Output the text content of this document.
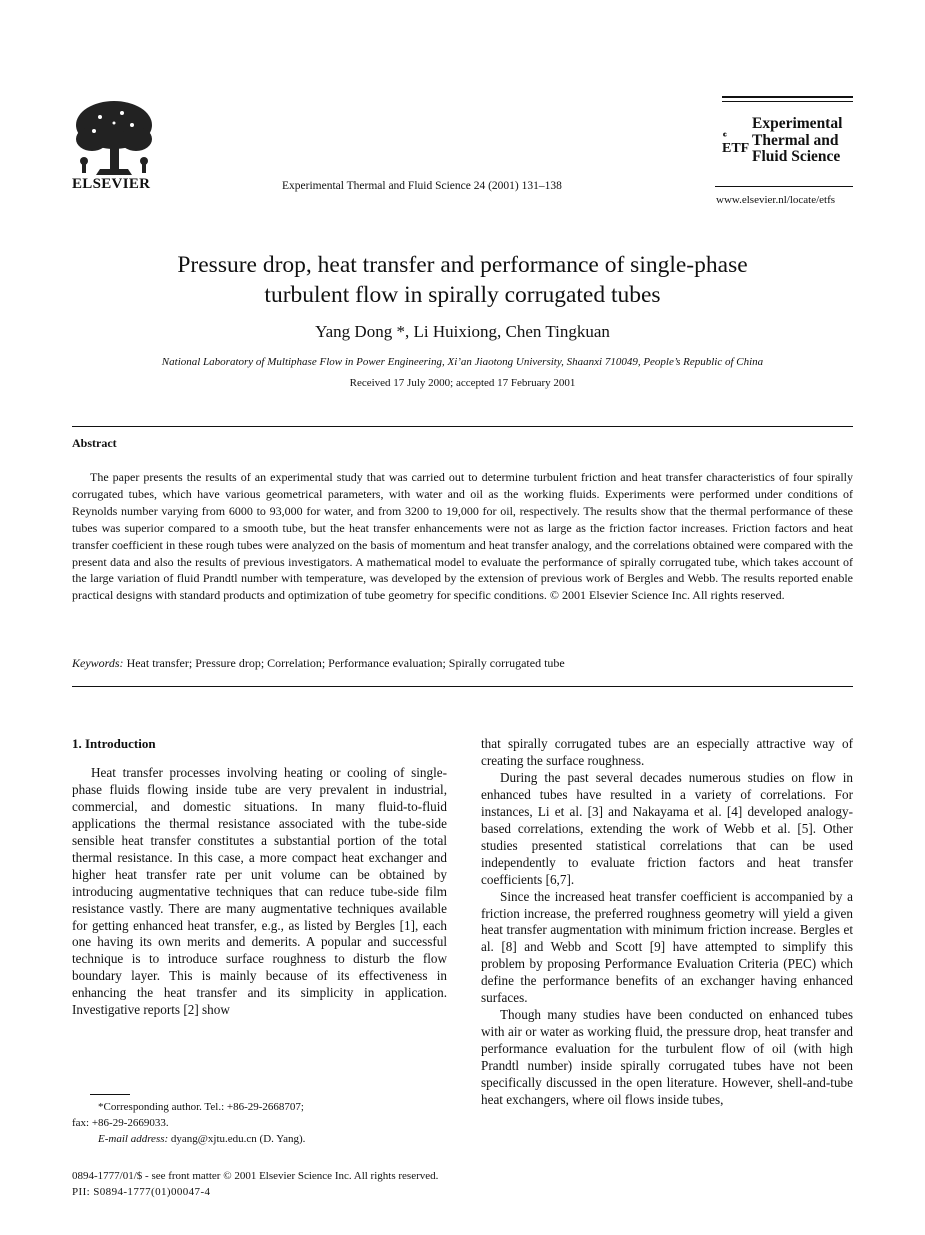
ELSEVIER	Experimental Thermal and Fluid Science 24 (2001) 131–138
ETF
Experimental
Thermal and
Fluid Science
www.elsevier.nl/locate/etfs
Pressure drop, heat transfer and performance of single-phase
turbulent flow in spirally corrugated tubes
Yang Dong *, Li Huixiong, Chen Tingkuan
National Laboratory of Multiphase Flow in Power Engineering, Xi’an Jiaotong University, Shaanxi 710049, People’s Republic of China
Received 17 July 2000; accepted 17 February 2001
Abstract
The paper presents the results of an experimental study that was carried out to determine turbulent friction and heat transfer characteristics of four spirally corrugated tubes, which have various geometrical parameters, with water and oil as the working fluids. Experiments were performed under conditions of Reynolds number varying from 6000 to 93,000 for water, and from 3200 to 19,000 for oil, respectively. The results show that the thermal performance of these tubes was superior compared to a smooth tube, but the heat transfer enhancements were not as large as the friction factor increases. Friction factors and heat transfer coefficient in these rough tubes were analyzed on the basis of momentum and heat transfer analogy, and the correlations obtained were compared with the present data and also the results of previous investigators. A mathematical model to evaluate the performance of spirally corrugated tube, which takes account of the large variation of fluid Prandtl number with temperature, was developed by the extension of previous work of Bergles and Webb. The results reported enable practical designs with standard products and optimization of tube geometry for specific conditions. © 2001 Elsevier Science Inc. All rights reserved.
Keywords: Heat transfer; Pressure drop; Correlation; Performance evaluation; Spirally corrugated tube
1. Introduction

Heat transfer processes involving heating or cooling of single-phase fluids flowing inside tube are very prevalent in industrial, commercial, and domestic situations. In many fluid-to-fluid applications the thermal resistance associated with the tube-side sensible heat transfer constitutes a substantial portion of the total thermal resistance. In this case, a more compact heat exchanger and higher heat transfer rate per unit volume can be obtained by introducing augmentative techniques that can reduce tube-side film resistance vastly. There are many augmentative techniques available for getting enhanced heat transfer, e.g., as listed by Bergles [1], each one having its own merits and demerits. A popular and successful technique is to introduce surface roughness to disturb the flow boundary layer. This is mainly because of its effectiveness in enhancing the heat transfer and its simplicity in application. Investigative reports [2] show

that spirally corrugated tubes are an especially attractive way of creating the surface roughness.

During the past several decades numerous studies on flow in enhanced tubes have resulted in a variety of correlations. For instances, Li et al. [3] and Nakayama et al. [4] developed analogy-based correlations, extending the work of Webb et al. [5]. Other studies presented statistical correlations that can be used independently to evaluate friction factors and heat transfer coefficients [6,7].

Since the increased heat transfer coefficient is accompanied by a friction increase, the preferred roughness geometry will yield a given heat transfer augmentation with minimum friction increase. Bergles et al. [8] and Webb and Scott [9] have attempted to simplify this problem by proposing Performance Evaluation Criteria (PEC) which define the performance benefits of an exchanger having enhanced surfaces.

Though many studies have been conducted on enhanced tubes with air or water as working fluid, the pressure drop, heat transfer and performance evaluation for the turbulent flow of oil (with high Prandtl number) inside spirally corrugated tubes have not been specifically discussed in the open literature. However, shell-and-tube heat exchangers, where oil flows inside tubes,

*Corresponding author. Tel.: +86-29-2668707;
fax: +86-29-2669033.
E-mail address: dyang@xjtu.edu.cn (D. Yang).
0894-1777/01/$ - see front matter © 2001 Elsevier Science Inc. All rights reserved.
PII: S0894-1777(01)00047-4
